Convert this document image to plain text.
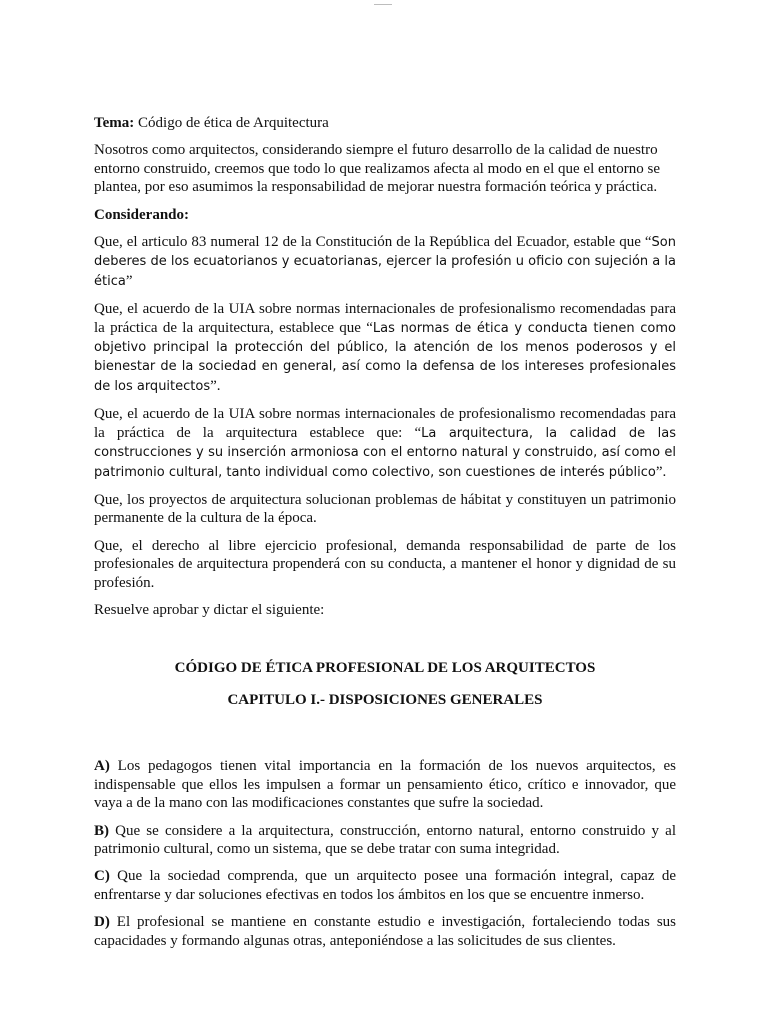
Tema: Código de ética de Arquitectura

Nosotros como arquitectos, considerando siempre el futuro desarrollo de la calidad de nuestro entorno construido, creemos que todo lo que realizamos afecta al modo en el que el entorno se plantea, por eso asumimos la responsabilidad de mejorar nuestra formación teórica y práctica.

Considerando:

Que, el articulo 83 numeral 12 de la Constitución de la República del Ecuador, estable que “Son deberes de los ecuatorianos y ecuatorianas, ejercer la profesión u oficio con sujeción a la ética”

Que, el acuerdo de la UIA sobre normas internacionales de profesionalismo recomendadas para la práctica de la arquitectura, establece que “Las normas de ética y conducta tienen como objetivo principal la protección del público, la atención de los menos poderosos y el bienestar de la sociedad en general, así como la defensa de los intereses profesionales de los arquitectos”.

Que, el acuerdo de la UIA sobre normas internacionales de profesionalismo recomendadas para la práctica de la arquitectura establece que: “La arquitectura, la calidad de las construcciones y su inserción armoniosa con el entorno natural y construido, así como el patrimonio cultural, tanto individual como colectivo, son cuestiones de interés público”.

Que, los proyectos de arquitectura solucionan problemas de hábitat y constituyen un patrimonio permanente de la cultura de la época.

Que, el derecho al libre ejercicio profesional, demanda responsabilidad de parte de los profesionales de arquitectura propenderá con su conducta, a mantener el honor y dignidad de su profesión.

Resuelve aprobar y dictar el siguiente:

CÓDIGO DE ÉTICA PROFESIONAL DE LOS ARQUITECTOS
CAPITULO I.- DISPOSICIONES GENERALES

A) Los pedagogos tienen vital importancia en la formación de los nuevos arquitectos, es indispensable que ellos les impulsen a formar un pensamiento ético, crítico e innovador, que vaya a de la mano con las modificaciones constantes que sufre la sociedad.

B) Que se considere a la arquitectura, construcción, entorno natural, entorno construido y al patrimonio cultural, como un sistema, que se debe tratar con suma integridad.

C) Que la sociedad comprenda, que un arquitecto posee una formación integral, capaz de enfrentarse y dar soluciones efectivas en todos los ámbitos en los que se encuentre inmerso.

D) El profesional se mantiene en constante estudio e investigación, fortaleciendo todas sus capacidades y formando algunas otras, anteponiéndose a las solicitudes de sus clientes.
